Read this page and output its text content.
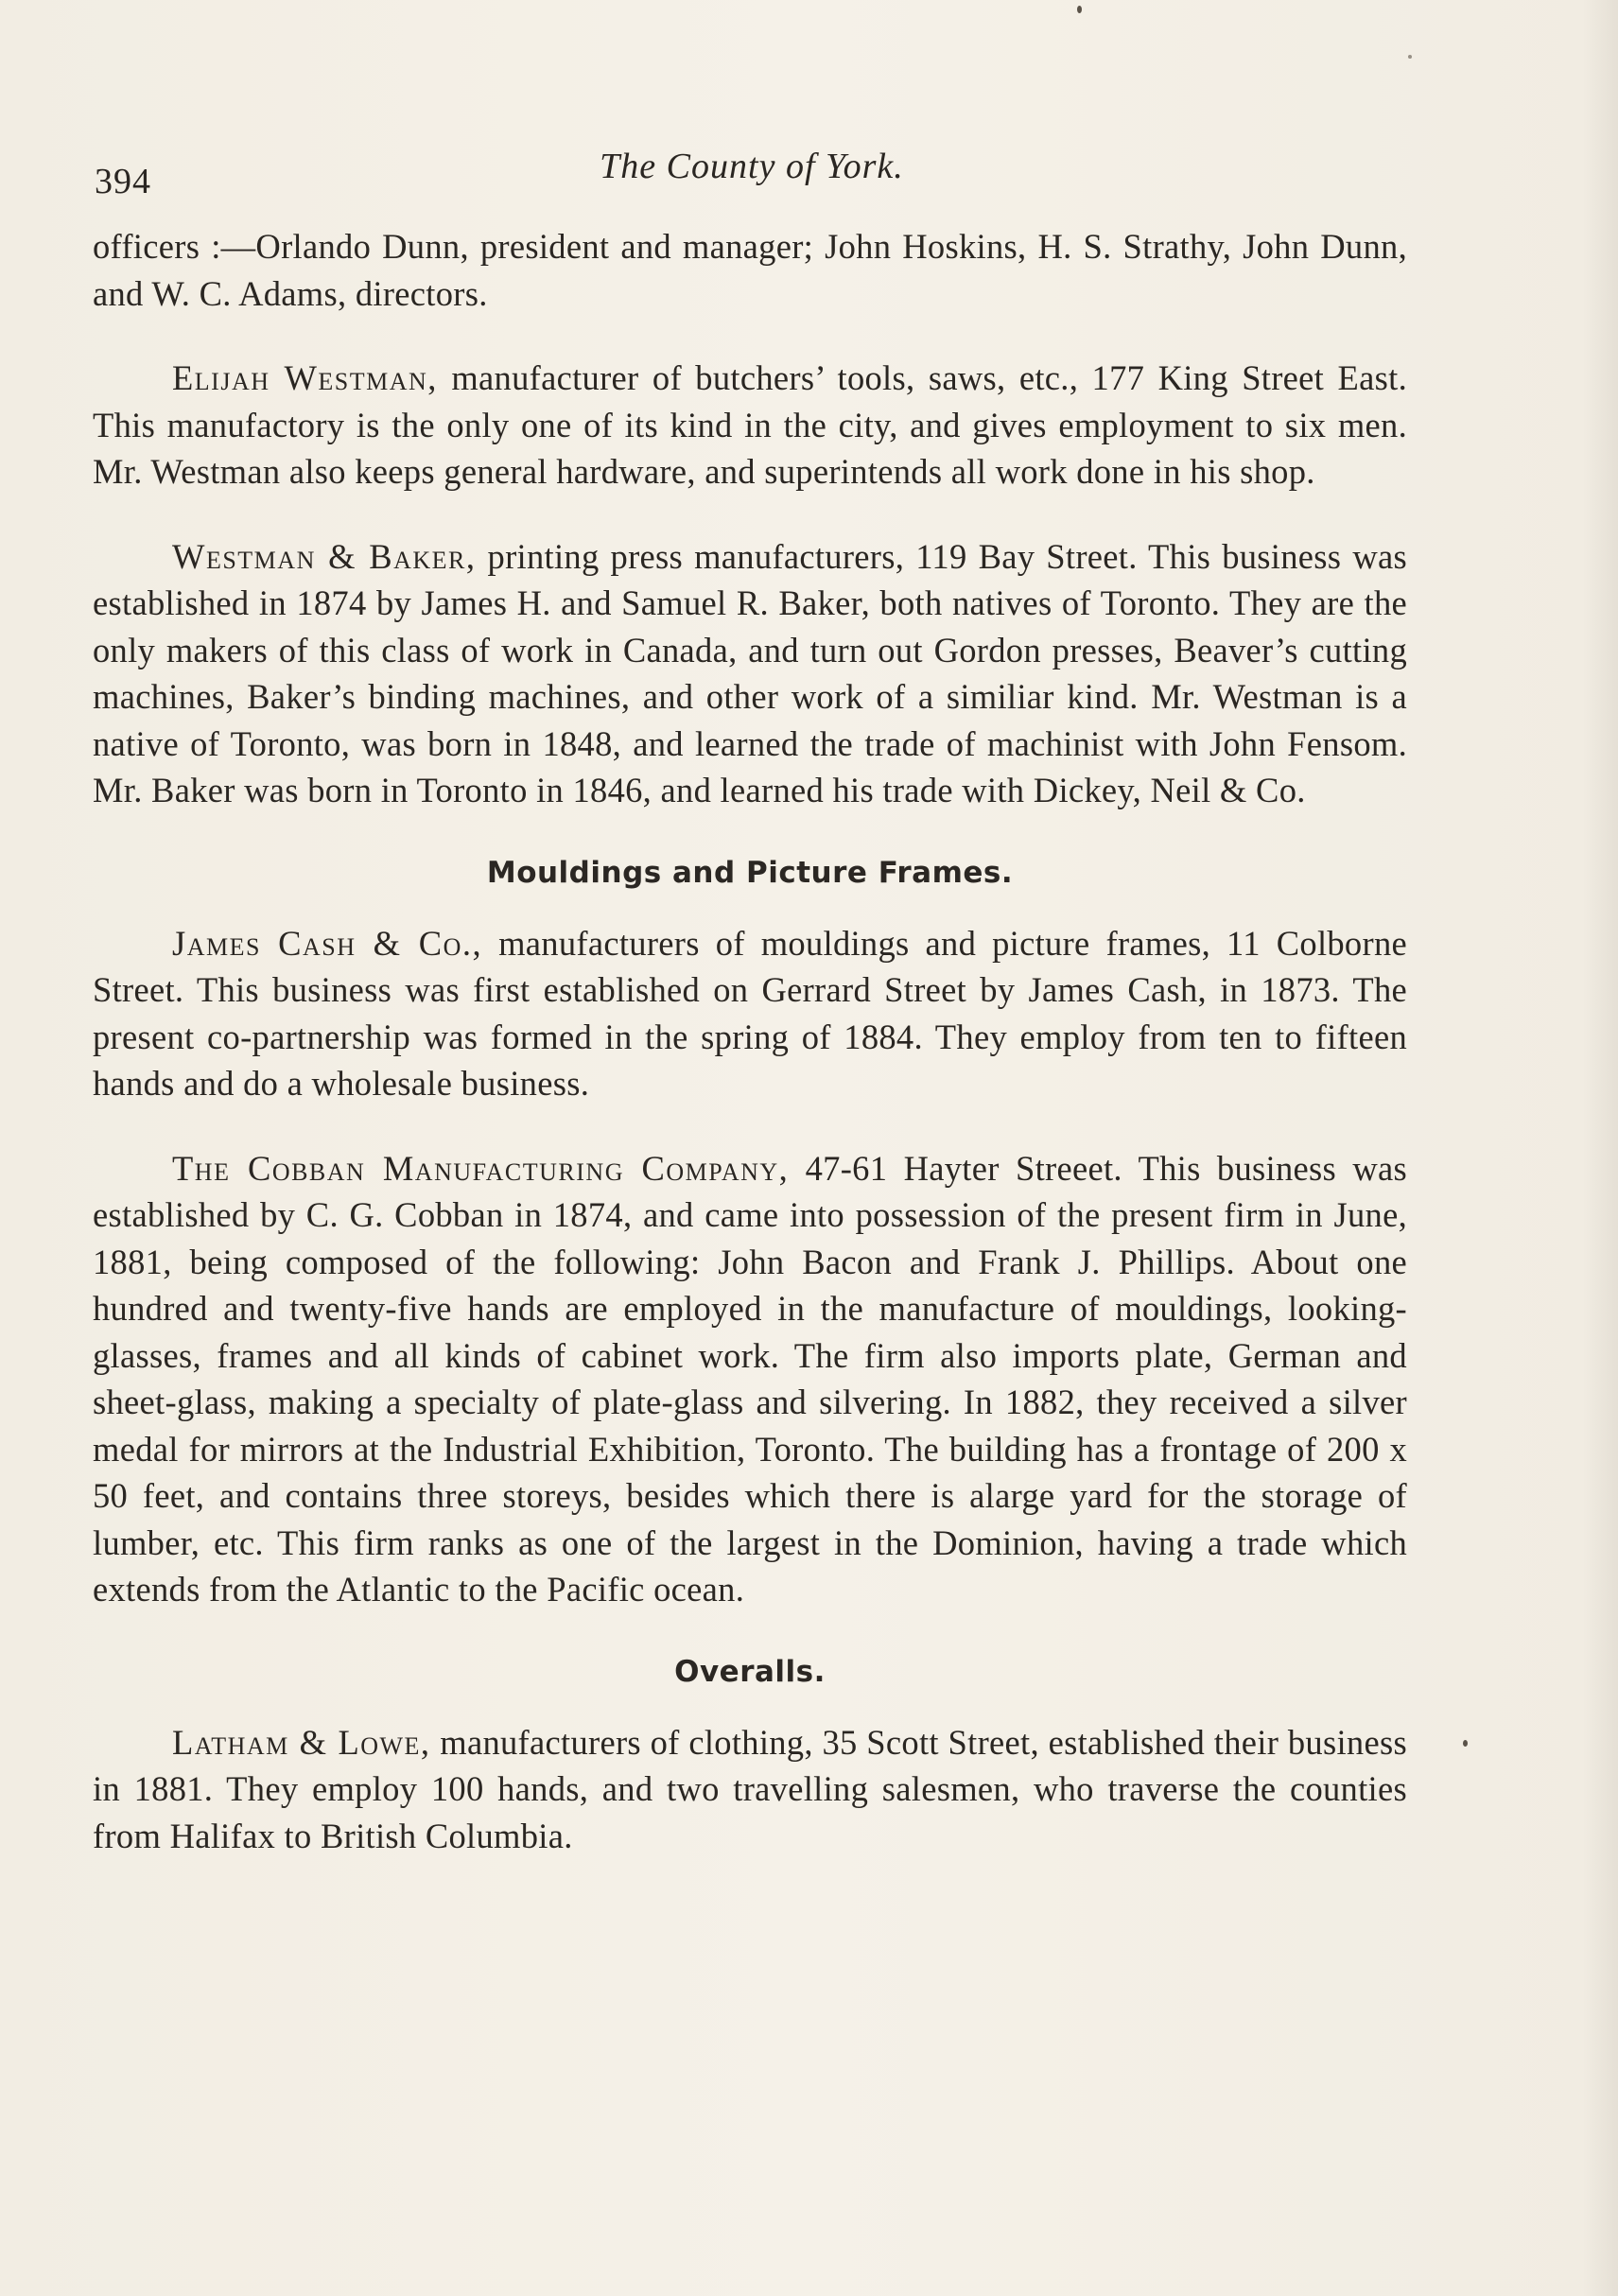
394	The County of York.

officers :—Orlando Dunn, president and manager; John Hoskins, H. S. Strathy, John Dunn, and W. C. Adams, directors.

Elijah Westman, manufacturer of butchers’ tools, saws, etc., 177 King Street East. This manufactory is the only one of its kind in the city, and gives employment to six men. Mr. Westman also keeps general hardware, and superintends all work done in his shop.

Westman & Baker, printing press manufacturers, 119 Bay Street. This business was established in 1874 by James H. and Samuel R. Baker, both natives of Toronto. They are the only makers of this class of work in Canada, and turn out Gordon presses, Beaver’s cutting machines, Baker’s binding machines, and other work of a similiar kind. Mr. Westman is a native of Toronto, was born in 1848, and learned the trade of machinist with John Fensom. Mr. Baker was born in Toronto in 1846, and learned his trade with Dickey, Neil & Co.

Mouldings and Picture Frames.

James Cash & Co., manufacturers of mouldings and picture frames, 11 Colborne Street. This business was first established on Gerrard Street by James Cash, in 1873. The present co-partnership was formed in the spring of 1884. They employ from ten to fifteen hands and do a wholesale business.

The Cobban Manufacturing Company, 47-61 Hayter Streeet. This business was established by C. G. Cobban in 1874, and came into possession of the present firm in June, 1881, being composed of the following: John Bacon and Frank J. Phillips. About one hundred and twenty-five hands are employed in the manufacture of mouldings, looking-glasses, frames and all kinds of cabinet work. The firm also imports plate, German and sheet-glass, making a specialty of plate-glass and silvering. In 1882, they received a silver medal for mirrors at the Industrial Exhibition, Toronto. The building has a frontage of 200 x 50 feet, and contains three storeys, besides which there is alarge yard for the storage of lumber, etc. This firm ranks as one of the largest in the Dominion, having a trade which extends from the Atlantic to the Pacific ocean.

Overalls.

Latham & Lowe, manufacturers of clothing, 35 Scott Street, established their business in 1881. They employ 100 hands, and two travelling salesmen, who traverse the counties from Halifax to British Columbia.
